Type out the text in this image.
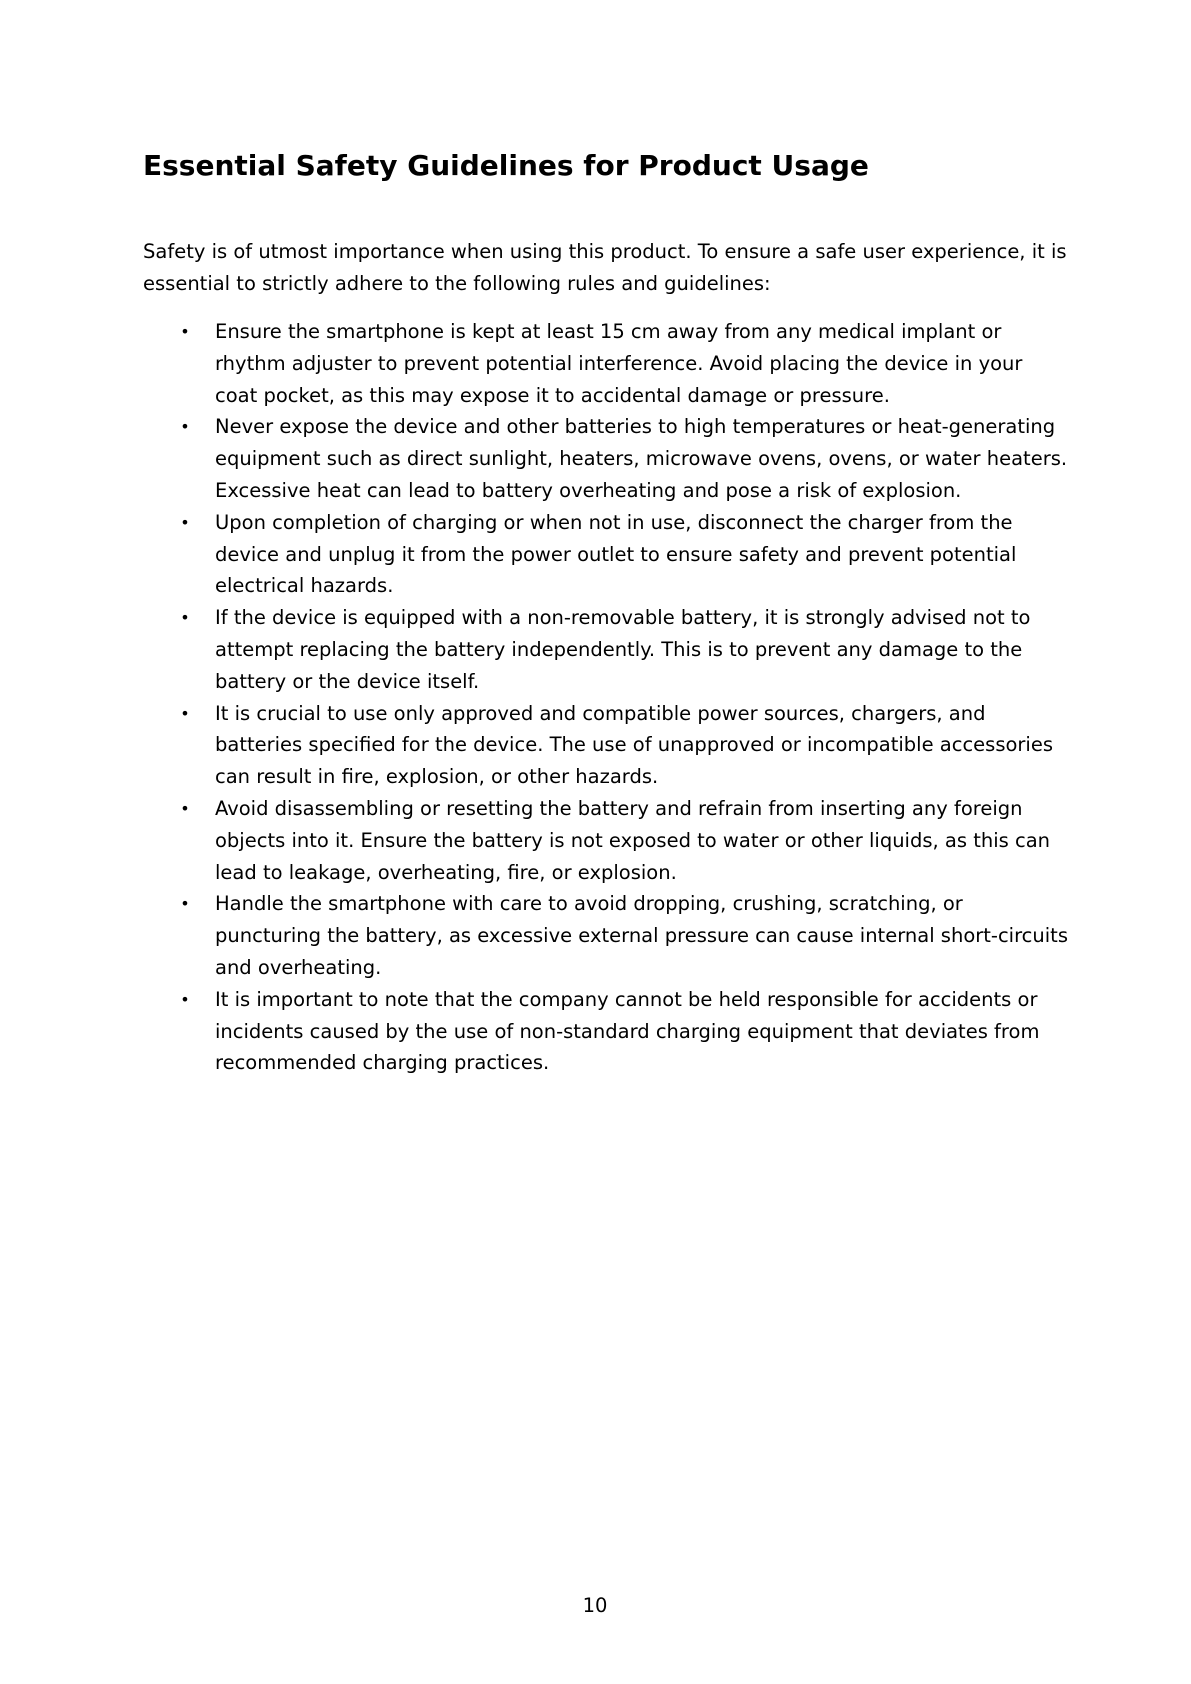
Essential Safety Guidelines for Product Usage

Safety is of utmost importance when using this product. To ensure a safe user experience, it is essential to strictly adhere to the following rules and guidelines:

• Ensure the smartphone is kept at least 15 cm away from any medical implant or rhythm adjuster to prevent potential interference. Avoid placing the device in your coat pocket, as this may expose it to accidental damage or pressure.
• Never expose the device and other batteries to high temperatures or heat-generating equipment such as direct sunlight, heaters, microwave ovens, ovens, or water heaters. Excessive heat can lead to battery overheating and pose a risk of explosion.
• Upon completion of charging or when not in use, disconnect the charger from the device and unplug it from the power outlet to ensure safety and prevent potential electrical hazards.
• If the device is equipped with a non-removable battery, it is strongly advised not to attempt replacing the battery independently. This is to prevent any damage to the battery or the device itself.
• It is crucial to use only approved and compatible power sources, chargers, and batteries specified for the device. The use of unapproved or incompatible accessories can result in fire, explosion, or other hazards.
• Avoid disassembling or resetting the battery and refrain from inserting any foreign objects into it. Ensure the battery is not exposed to water or other liquids, as this can lead to leakage, overheating, fire, or explosion.
• Handle the smartphone with care to avoid dropping, crushing, scratching, or puncturing the battery, as excessive external pressure can cause internal short-circuits and overheating.
• It is important to note that the company cannot be held responsible for accidents or incidents caused by the use of non-standard charging equipment that deviates from recommended charging practices.

10
